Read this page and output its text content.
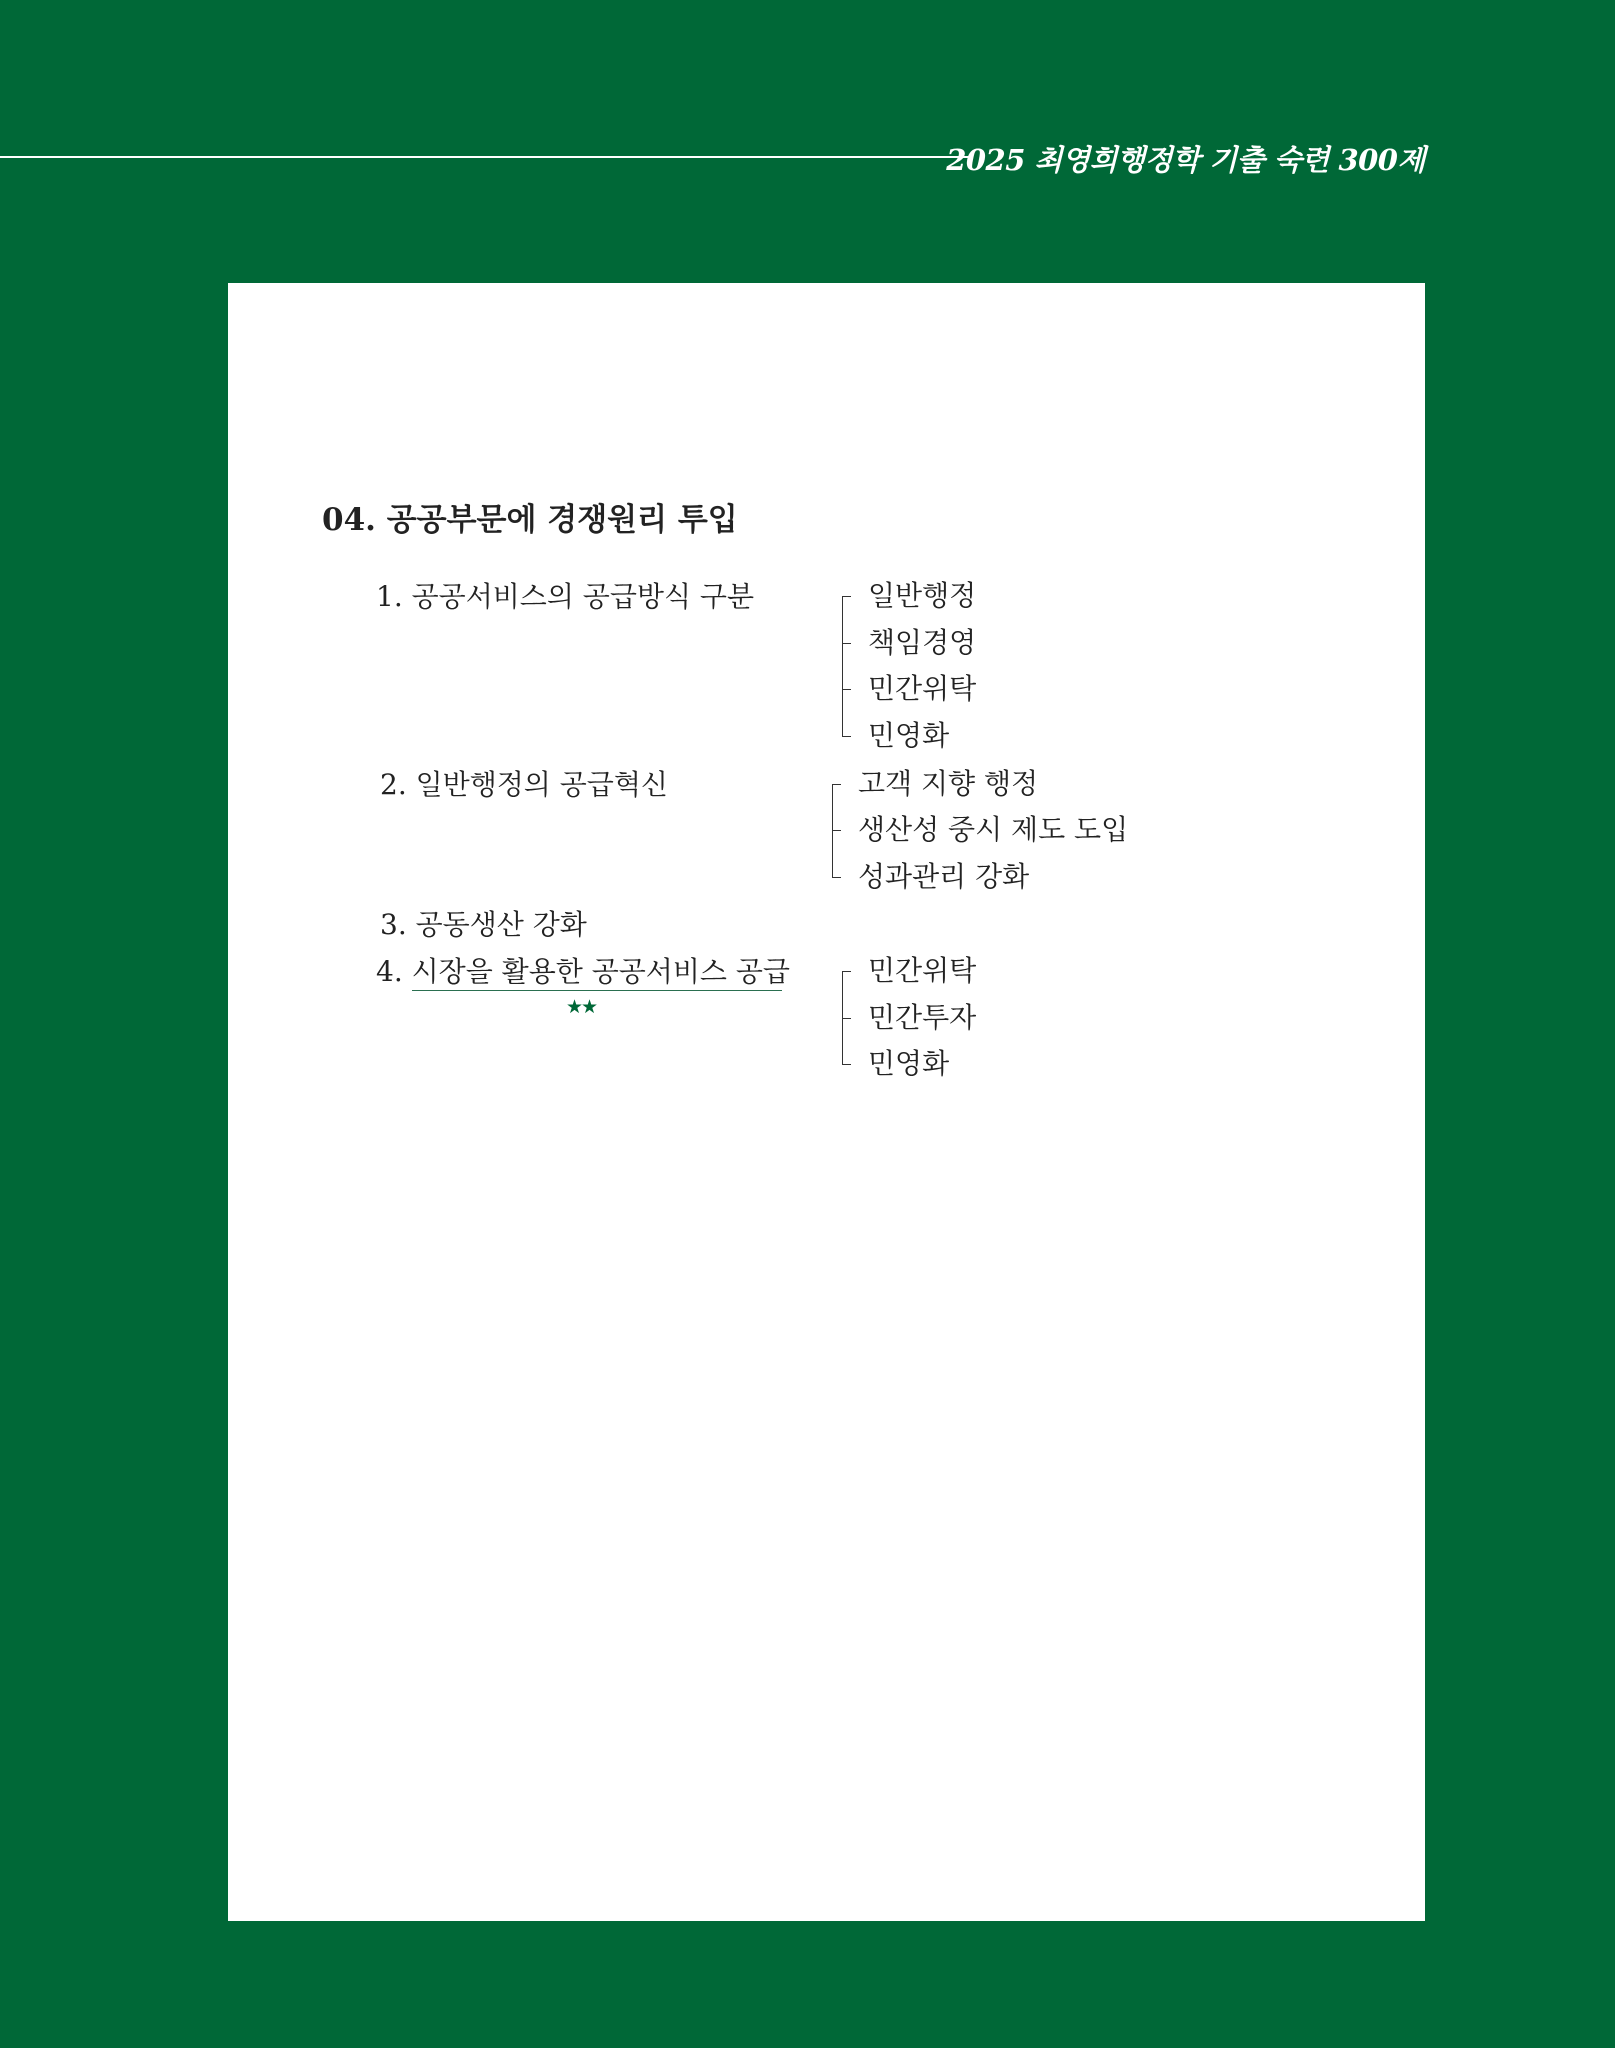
2025 최영희행정학 기출 숙련 300제
04. 공공부문에 경쟁원리 투입
1. 공공서비스의 공급방식 구분
2. 일반행정의 공급혁신
3. 공동생산 강화
4. 시장을 활용한 공공서비스 공급
★★
일반행정
책임경영
민간위탁
민영화
고객 지향 행정
생산성 중시 제도 도입
성과관리 강화
민간위탁
민간투자
민영화
